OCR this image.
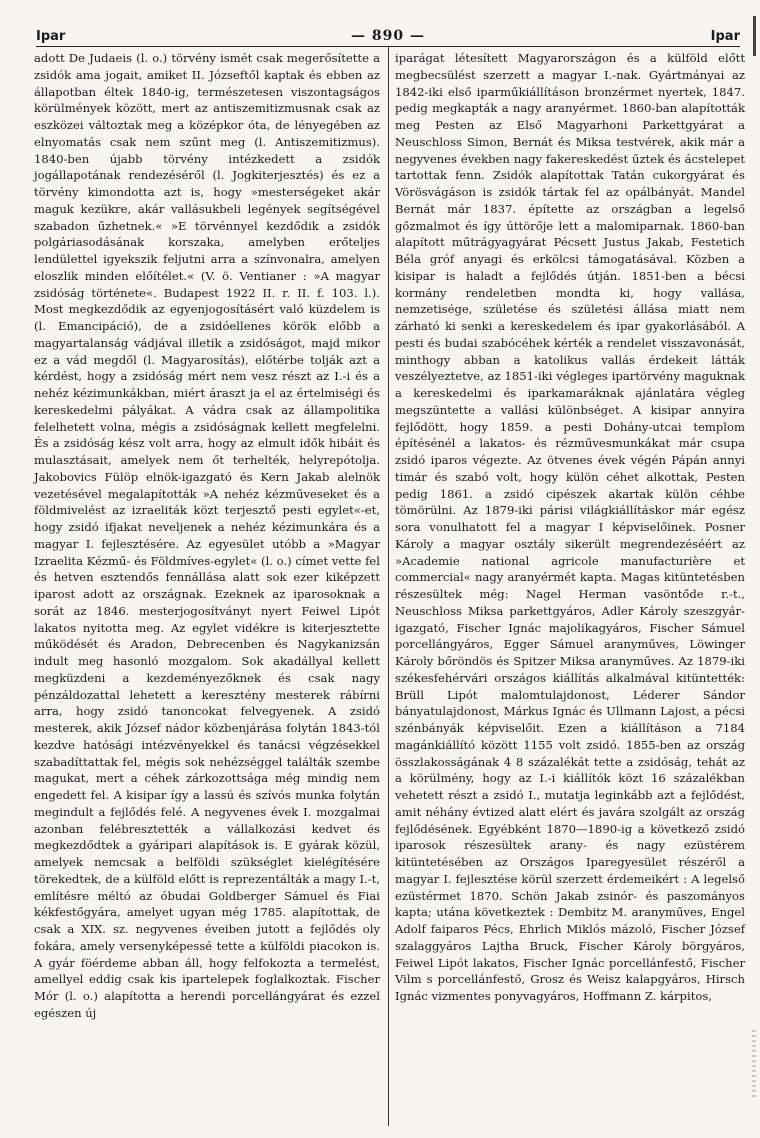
Ipar	— 890 —	Ipar

adott De Judaeis (l. o.) törvény ismét csak megerősítette a zsidók ama jogait, amiket II. Józseftől kaptak és ebben az állapotban éltek 1840-ig, természetesen viszontagságos körülmények között, mert az antiszemitizmusnak csak az eszközei változtak meg a középkor óta, de lényegében az elnyomatás csak nem szűnt meg (l. Antiszemitizmus). 1840-ben újabb törvény intézkedett a zsidók jogállapotának rendezéséről (l. Jogkiterjesztés) és ez a törvény kimondotta azt is, hogy »mesterségeket akár maguk kezükre, akár vallásukbeli legények segítségével szabadon űzhetnek.« »E törvénnyel kezdődik a zsidók polgáriasodásának korszaka, amelyben erőteljes lendülettel igyekszik feljutni arra a színvonalra, amelyen eloszlik minden előítélet.« (V. ö. Ventianer : »A magyar zsidóság története«. Budapest 1922 II. r. II. f. 103. l.). Most megkezdődik az egyenjogosításért való küzdelem is (l. Emancipáció), de a zsidóellenes körök előbb a magyartalanság vádjával illetik a zsidóságot, majd mikor ez a vád megdől (l. Magyarosítás), előtérbe tolják azt a kérdést, hogy a zsidóság mért nem vesz részt az I.-i és a nehéz kézimunkákban, miért áraszt ja el az értelmiségi és kereskedelmi pályákat. A vádra csak az állampolitika felelhetett volna, mégis a zsidóságnak kellett megfelelni. És a zsidóság kész volt arra, hogy az elmult idők hibáit és mulasztásait, amelyek nem őt terhelték, helyrepótolja. Jakobovics Fülöp elnök-igazgató és Kern Jakab alelnök vezetésével megalapították »A nehéz kézműveseket és a földmivelést az izraeliták közt terjesztő pesti egylet«-et, hogy zsidó ifjakat neveljenek a nehéz kézimunkára és a magyar I. fejlesztésére. Az egyesület utóbb a »Magyar Izraelita Kézmű- és Földmíves-egylet« (l. o.) címet vette fel és hetven esztendős fennállása alatt sok ezer kiképzett iparost adott az országnak. Ezeknek az iparosoknak a sorát az 1846. mesterjogosítványt nyert Feiwel Lipót lakatos nyitotta meg. Az egylet vidékre is kiterjesztette működését és Aradon, Debrecenben és Nagykanizsán indult meg hasonló mozgalom. Sok akadállyal kellett megküzdeni a kezdeményezőknek és csak nagy pénzáldozattal lehetett a keresztény mesterek rábírni arra, hogy zsidó tanoncokat felvegyenek. A zsidó mesterek, akik József nádor közbenjárása folytán 1843-tól kezdve hatósági intézvényekkel és tanácsi végzésekkel szabadíttattak fel, mégis sok nehézséggel találták szembe magukat, mert a céhek zárkozottsága még mindig nem engedett fel. A kisipar így a lassú és szívós munka folytán megindult a fejlődés felé. A negyvenes évek I. mozgalmai azonban felébresztették a vállalkozási kedvet és megkezdődtek a gyáripari alapítások is. E gyárak közül, amelyek nemcsak a belföldi szükséglet kielégítésére törekedtek, de a külföld előtt is reprezentálták a magy I.-t, említésre méltó az óbudai Goldberger Sámuel és Fiai kékfestőgyára, amelyet ugyan még 1785. alapítottak, de csak a XIX. sz. negyvenes éveiben jutott a fejlődés oly fokára, amely versenyképessé tette a külföldi piacokon is. A gyár föérdeme abban áll, hogy felfokozta a termelést, amellyel eddig csak kis ipartelepek foglalkoztak. Fischer Mór (l. o.) alapította a herendi porcellángyárat és ezzel egészen új

iparágat létesített Magyarországon és a külföld előtt megbecsülést szerzett a magyar I.-nak. Gyártmányai az 1842-iki első iparműkiállításon bronzérmet nyertek, 1847. pedig megkapták a nagy aranyérmet. 1860-ban alapították meg Pesten az Első Magyarhoni Parkettgyárat a Neuschloss Simon, Bernát és Miksa testvérek, akik már a negyvenes években nagy fakereskedést űztek és ácstelepet tartottak fenn. Zsidók alapítottak Tatán cukorgyárat és Vörösvágáson is zsidók tártak fel az opálbányát. Mandel Bernát már 1837. építette az országban a legelső gőzmalmot és így úttörője lett a malomiparnak. 1860-ban alapított műtrágyagyárat Pécsett Justus Jakab, Festetich Béla gróf anyagi és erkölcsi támogatásával. Közben a kisipar is haladt a fejlődés útján. 1851-ben a bécsi kormány rendeletben mondta ki, hogy vallása, nemzetisége, születése és születési állása miatt nem zárható ki senki a kereskedelem és ipar gyakorlásából. A pesti és budai szabócéhek kérték a rendelet visszavonását, minthogy abban a katolikus vallás érdekeit látták veszélyeztetve, az 1851-iki végleges ipartörvény maguknak a kereskedelmi és iparkamaráknak ajánlatára végleg megszüntette a vallási különbséget. A kisipar annyira fejlődött, hogy 1859. a pesti Dohány-utcai templom építésénél a lakatos- és rézművesmunkákat már csupa zsidó iparos végezte. Az ötvenes évek végén Pápán annyi timár és szabó volt, hogy külön céhet alkottak, Pesten pedig 1861. a zsidó cipészek akartak külön céhbe tömörülni. Az 1879-iki párisi világkiállításkor már egész sora vonulhatott fel a magyar I képviselőinek. Posner Károly a magyar osztály sikerült megrendezéséért az »Academie national agricole manufacturière et commercial« nagy aranyérmét kapta. Magas kitüntetésben részesültek még: Nagel Herman vasöntőde r.-t., Neuschloss Miksa parkettgyáros, Adler Károly szeszgyár-igazgató, Fischer Ignác majolikagyáros, Fischer Sámuel porcellángyáros, Egger Sámuel aranyműves, Löwinger Károly bőröndös és Spitzer Miksa aranyműves. Az 1879-iki székesfehérvári országos kiállítás alkalmával kitüntették: Brüll Lipót malomtulajdonost, Léderer Sándor bányatulajdonost, Márkus Ignác és Ullmann Lajost, a pécsi szénbányák képviselőit. Ezen a kiállításon a 7184 magánkiállító között 1155 volt zsidó. 1855-ben az ország összlakosságának 4 8 százalékát tette a zsidóság, tehát az a körülmény, hogy az I.-i kiállítók közt 16 százalékban vehetett részt a zsidó I., mutatja leginkább azt a fejlődést, amit néhány évtized alatt elért és javára szolgált az ország fejlődésének. Egyébként 1870—1890-ig a következő zsidó iparosok részesültek arany- és nagy ezüstérem kitüntetésében az Országos Iparegyesület részéről a magyar I. fejlesztése körül szerzett érdemeikért : A legelső ezüstérmet 1870. Schön Jakab zsinór- és paszományos kapta; utána következtek : Dembitz M. aranyműves, Engel Adolf faiparos Pécs, Ehrlich Miklós mázoló, Fischer József szalaggyáros Lajtha Bruck, Fischer Károly börgyáros, Feiwel Lipót lakatos, Fischer Ignác porcellánfestő, Fischer Vilm s porcellánfestő, Grosz és Weisz kalapgyáros, Hirsch Ignác vizmentes ponyvagyáros, Hoffmann Z. kárpitos,
